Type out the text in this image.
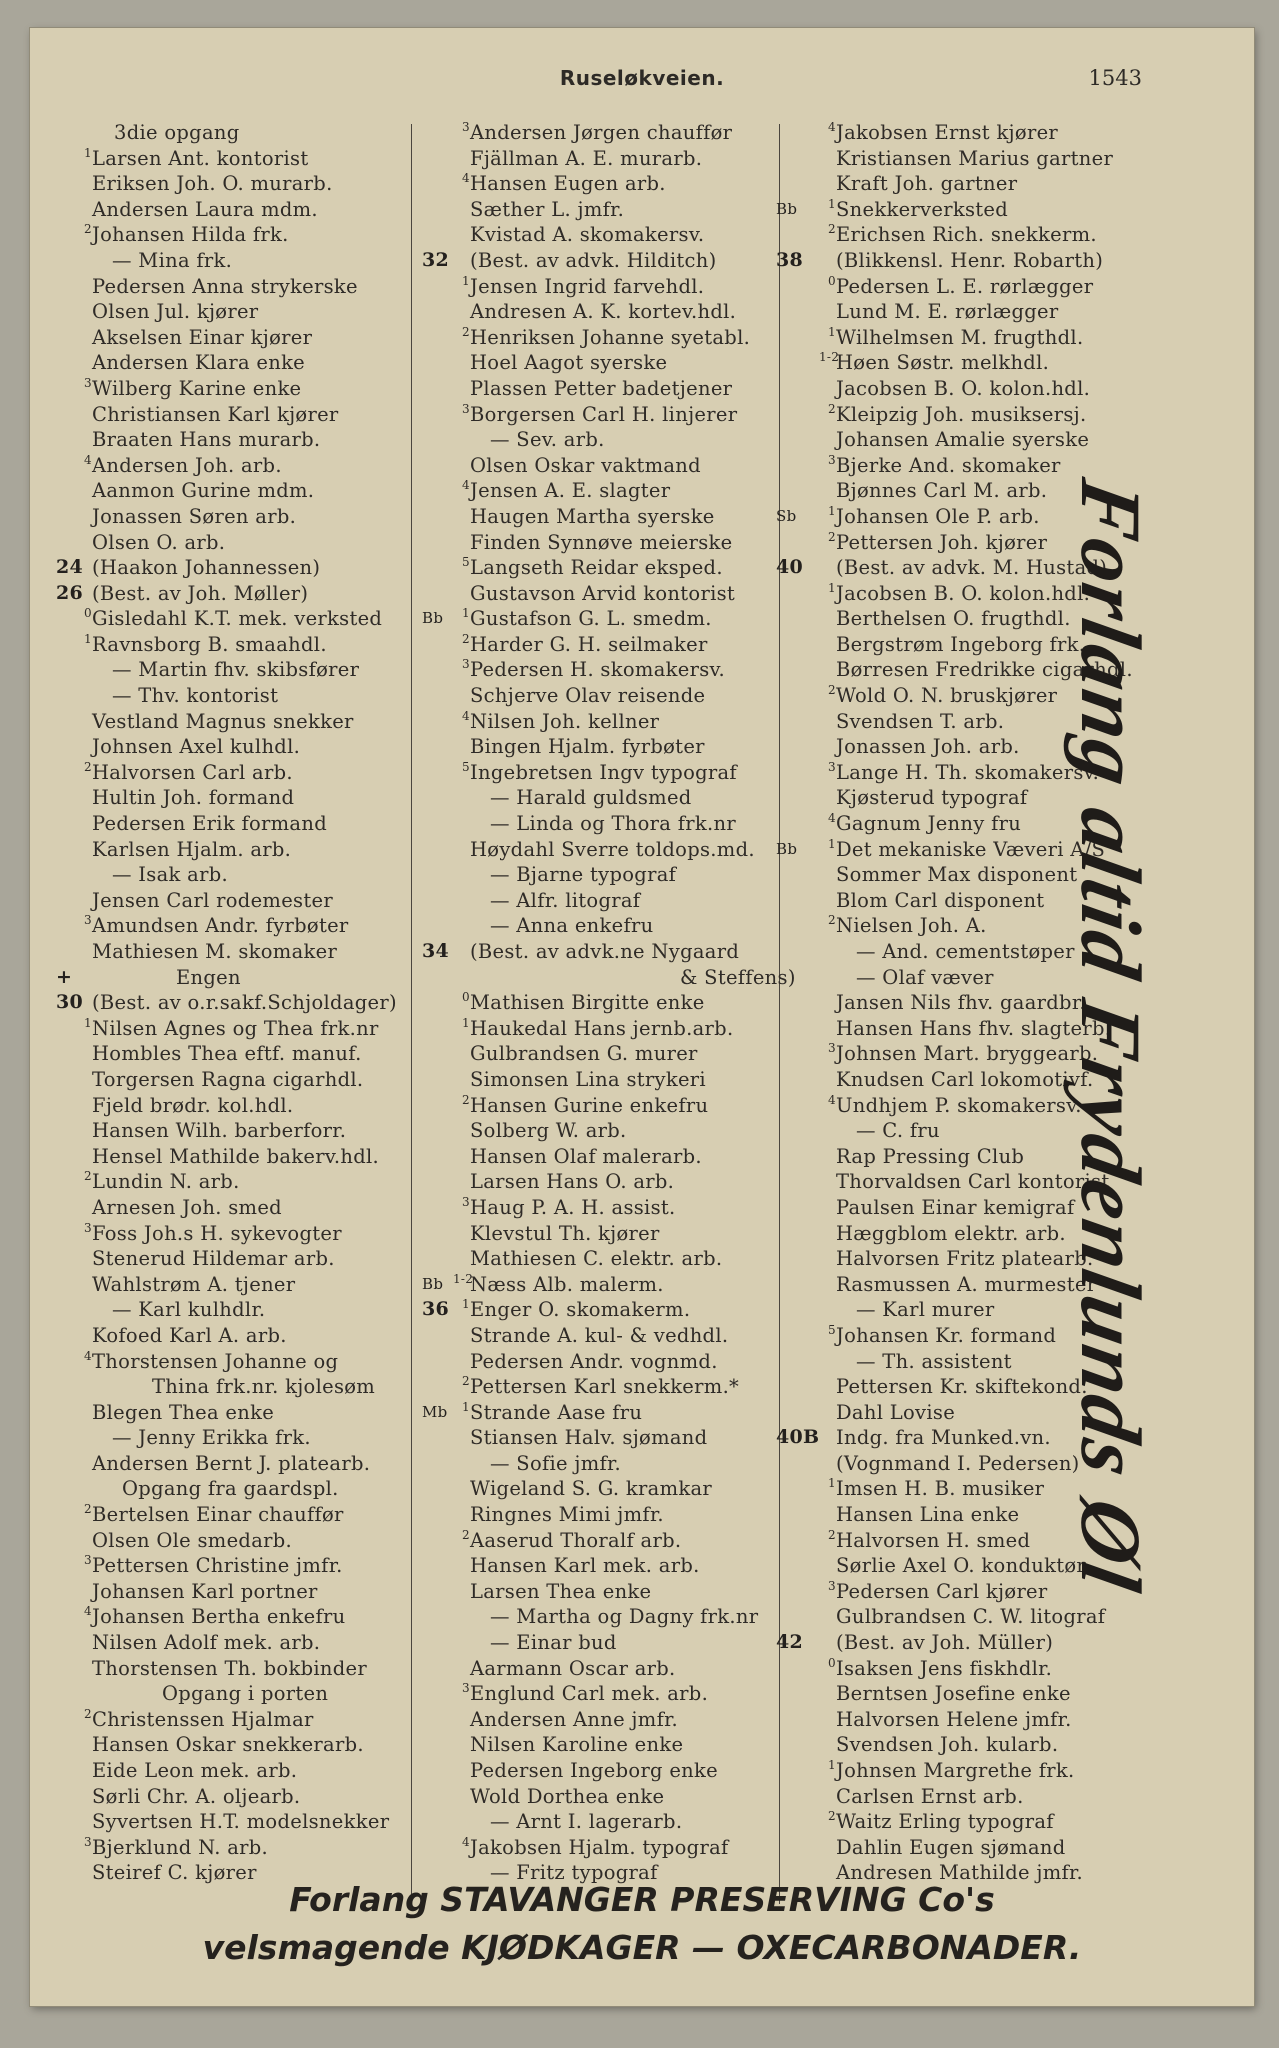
Ruseløkveien.	1543
3die opgang
1 Larsen Ant. kontorist
Eriksen Joh. O. murarb.
Andersen Laura mdm.
2 Johansen Hilda frk.
— Mina frk.
Pedersen Anna strykerske
Olsen Jul. kjører
Akselsen Einar kjører
Andersen Klara enke
3 Wilberg Karine enke
Christiansen Karl kjører
Braaten Hans murarb.
4 Andersen Joh. arb.
Aanmon Gurine mdm.
Jonassen Søren arb.
Olsen O. arb.
24 (Haakon Johannessen)
26 (Best. av Joh. Møller)
0 Gisledahl K.T. mek. verksted
1 Ravnsborg B. smaahdl.
— Martin fhv. skibsfører
— Thv. kontorist
Vestland Magnus snekker
Johnsen Axel kulhdl.
2 Halvorsen Carl arb.
Hultin Joh. formand
Pedersen Erik formand
Karlsen Hjalm. arb.
— Isak arb.
Jensen Carl rodemester
3 Amundsen Andr. fyrbøter
Mathiesen M. skomaker
+	Engen
30 (Best. av o.r.sakf.Schjoldager)
1 Nilsen Agnes og Thea frk.nr
Hombles Thea eftf. manuf.
Torgersen Ragna cigarhdl.
Fjeld brødr. kol.hdl.
Hansen Wilh. barberforr.
Hensel Mathilde bakerv.hdl.
2 Lundin N. arb.
Arnesen Joh. smed
3 Foss Joh.s H. sykevogter
Stenerud Hildemar arb.
Wahlstrøm A. tjener
— Karl kulhdlr.
Kofoed Karl A. arb.
4 Thorstensen Johanne og
Thina frk.nr. kjolesøm
Blegen Thea enke
— Jenny Erikka frk.
Andersen Bernt J. platearb.
Opgang fra gaardspl.
2 Bertelsen Einar chauffør
Olsen Ole smedarb.
3 Pettersen Christine jmfr.
Johansen Karl portner
4 Johansen Bertha enkefru
Nilsen Adolf mek. arb.
Thorstensen Th. bokbinder
Opgang i porten
2 Christenssen Hjalmar
Hansen Oskar snekkerarb.
Eide Leon mek. arb.
Sørli Chr. A. oljearb.
Syvertsen H.T. modelsnekker
3 Bjerklund N. arb.
Steiref C. kjører
3 Andersen Jørgen chauffør
Fjällman A. E. murarb.
4 Hansen Eugen arb.
Sæther L. jmfr.
Kvistad A. skomakersv.
32 (Best. av advk. Hilditch)
1 Jensen Ingrid farvehdl.
Andresen A. K. kortev.hdl.
2 Henriksen Johanne syetabl.
Hoel Aagot syerske
Plassen Petter badetjener
3 Borgersen Carl H. linjerer
— Sev. arb.
Olsen Oskar vaktmand
4 Jensen A. E. slagter
Haugen Martha syerske
Finden Synnøve meierske
5 Langseth Reidar eksped.
Gustavson Arvid kontorist
Bb 1 Gustafson G. L. smedm.
2 Harder G. H. seilmaker
3 Pedersen H. skomakersv.
Schjerve Olav reisende
4 Nilsen Joh. kellner
Bingen Hjalm. fyrbøter
5 Ingebretsen Ingv typograf
— Harald guldsmed
— Linda og Thora frk.nr
Høydahl Sverre toldops.md.
— Bjarne typograf
— Alfr. litograf
— Anna enkefru
34 (Best. av advk.ne Nygaard
& Steffens)
0 Mathisen Birgitte enke
1 Haukedal Hans jernb.arb.
Gulbrandsen G. murer
Simonsen Lina strykeri
2 Hansen Gurine enkefru
Solberg W. arb.
Hansen Olaf malerarb.
Larsen Hans O. arb.
3 Haug P. A. H. assist.
Klevstul Th. kjører
Mathiesen C. elektr. arb.
Bb 1-2
Næss Alb. malerm.
36 1 Enger O. skomakerm.
Strande A. kul- & vedhdl.
Pedersen Andr. vognmd.
2 Pettersen Karl snekkerm.*
Mb 1 Strande Aase fru
Stiansen Halv. sjømand
— Sofie jmfr.
Wigeland S. G. kramkar
Ringnes Mimi jmfr.
2 Aaserud Thoralf arb.
Hansen Karl mek. arb.
Larsen Thea enke
— Martha og Dagny frk.nr
— Einar bud
Aarmann Oscar arb.
3 Englund Carl mek. arb.
Andersen Anne jmfr.
Nilsen Karoline enke
Pedersen Ingeborg enke
Wold Dorthea enke
— Arnt I. lagerarb.
4 Jakobsen Hjalm. typograf
— Fritz typograf
4 Jakobsen Ernst kjører
Kristiansen Marius gartner
Kraft Joh. gartner
Bb	1 Snekkerverksted
2 Erichsen Rich. snekkerm.
38 (Blikkensl. Henr. Robarth)
0 Pedersen L. E. rørlægger
Lund M. E. rørlægger
1 Wilhelmsen M. frugthdl.
1-2
Høen Søstr. melkhdl.
Jacobsen B. O. kolon.hdl.
2 Kleipzig Joh. musiksersj.
Johansen Amalie syerske
3 Bjerke And. skomaker
Bjønnes Carl M. arb.
Sb	1 Johansen Ole P. arb.
2 Pettersen Joh. kjører
40 (Best. av advk. M. Hustad)
1 Jacobsen B. O. kolon.hdl.
Berthelsen O. frugthdl.
Bergstrøm Ingeborg frk.
Børresen Fredrikke cigarhdl.
2 Wold O. N. bruskjører
Svendsen T. arb.
Jonassen Joh. arb.
3 Lange H. Th. skomakersv.
Kjøsterud typograf
4 Gagnum Jenny fru
Bb	1 Det mekaniske Væveri A/S
Sommer Max disponent
Blom Carl disponent
2 Nielsen Joh. A.
— And. cementstøper
— Olaf væver
Jansen Nils fhv. gaardbr.
Hansen Hans fhv. slagterb.
3 Johnsen Mart. bryggearb.
Knudsen Carl lokomotivf.
4 Undhjem P. skomakersv.
— C. fru
Rap Pressing Club
Thorvaldsen Carl kontorist
Paulsen Einar kemigraf
Hæggblom elektr. arb.
Halvorsen Fritz platearb.
Rasmussen A. murmester
— Karl murer
5 Johansen Kr. formand
— Th. assistent
Pettersen Kr. skiftekond.
Dahl Lovise
40B Indg. fra Munked.vn.
(Vognmand I. Pedersen)
1 Imsen H. B. musiker
Hansen Lina enke
2 Halvorsen H. smed
Sørlie Axel O. konduktør
3 Pedersen Carl kjører
Gulbrandsen C. W. litograf
42 (Best. av Joh. Müller)
0 Isaksen Jens fiskhdlr.
Berntsen Josefine enke
Halvorsen Helene jmfr.
Svendsen Joh. kularb.
1 Johnsen Margrethe frk.
Carlsen Ernst arb.
2 Waitz Erling typograf
Dahlin Eugen sjømand
Andresen Mathilde jmfr.
Forlang altid Frydenlunds Øl
Forlang STAVANGER PRESERVING Co's
velsmagende KJØDKAGER — OXECARBONADER.
